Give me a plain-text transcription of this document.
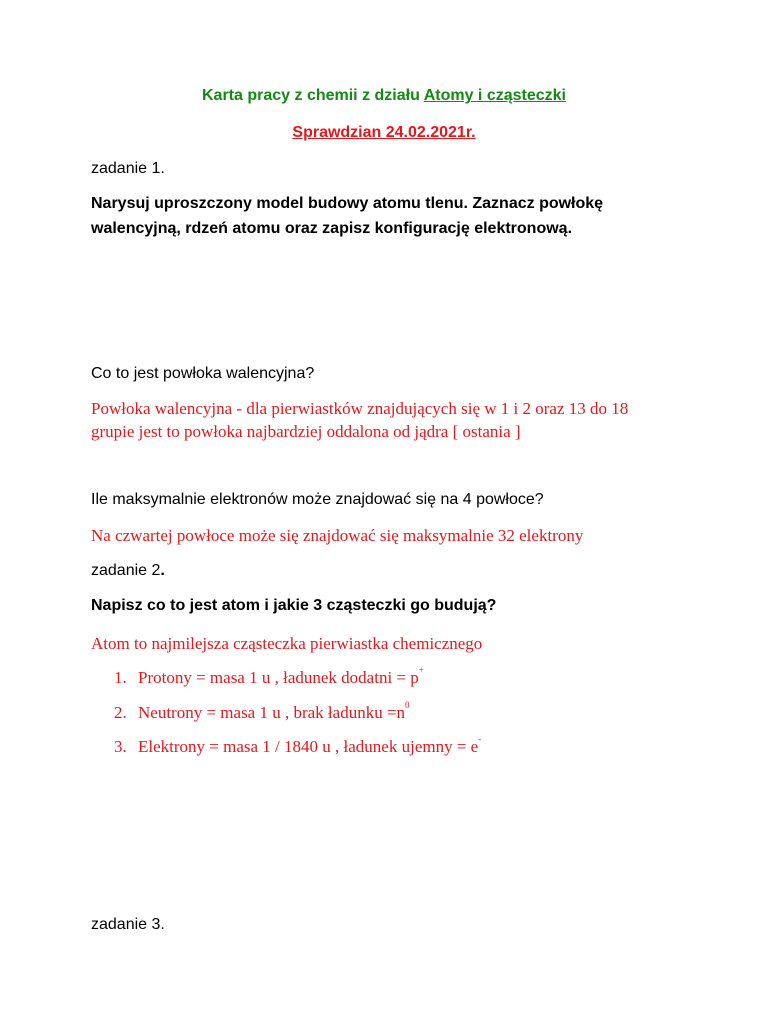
Karta pracy z chemii z działu Atomy i cząsteczki
Sprawdzian 24.02.2021r.
zadanie 1.
Narysuj uproszczony model budowy atomu tlenu. Zaznacz powłokę
walencyjną, rdzeń atomu oraz zapisz konfigurację elektronową.
Co to jest powłoka walencyjna?
Powłoka walencyjna - dla pierwiastków znajdujących się w 1 i 2 oraz 13 do 18
grupie jest to powłoka najbardziej oddalona od jądra [ ostania ]
Ile maksymalnie elektronów może znajdować się na 4 powłoce?
Na czwartej powłoce może się znajdować się maksymalnie 32 elektrony
zadanie 2.
Napisz co to jest atom i jakie 3 cząsteczki go budują?
Atom to najmilejsza cząsteczka pierwiastka chemicznego
1. Protony = masa 1 u , ładunek dodatni = p+
2. Neutrony = masa 1 u , brak ładunku $=n^0$
3. Elektrony = masa 1 / 1840 u , ładunek ujemny = e-
zadanie 3.
